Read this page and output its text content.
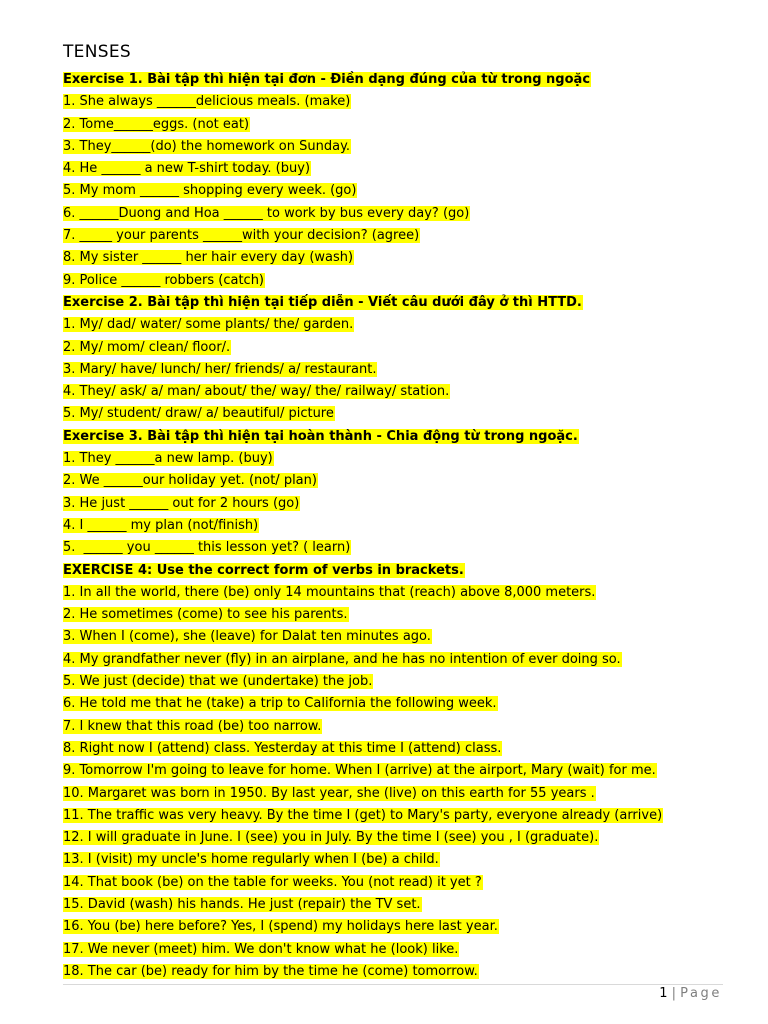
TENSES
Exercise 1. Bài tập thì hiện tại đơn - Điền dạng đúng của từ trong ngoặc
1. She always ______delicious meals. (make)
2. Tome______eggs. (not eat)
3. They______(do) the homework on Sunday.
4. He ______ a new T-shirt today. (buy)
5. My mom ______ shopping every week. (go)
6. ______Duong and Hoa ______ to work by bus every day? (go)
7. _____ your parents ______with your decision? (agree)
8. My sister ______ her hair every day (wash)
9. Police ______ robbers (catch)
Exercise 2. Bài tập thì hiện tại tiếp diễn - Viết câu dưới đây ở thì HTTD.
1. My/ dad/ water/ some plants/ the/ garden.
2. My/ mom/ clean/ floor/.
3. Mary/ have/ lunch/ her/ friends/ a/ restaurant.
4. They/ ask/ a/ man/ about/ the/ way/ the/ railway/ station.
5. My/ student/ draw/ a/ beautiful/ picture
Exercise 3. Bài tập thì hiện tại hoàn thành - Chia động từ trong ngoặc.
1. They ______a new lamp. (buy)
2. We ______our holiday yet. (not/ plan)
3. He just ______ out for 2 hours (go)
4. I ______ my plan (not/finish)
5.  ______ you ______ this lesson yet? ( learn)
EXERCISE 4: Use the correct form of verbs in brackets.
1. In all the world, there (be) only 14 mountains that (reach) above 8,000 meters.
2. He sometimes (come) to see his parents.
3. When I (come), she (leave) for Dalat ten minutes ago.
4. My grandfather never (fly) in an airplane, and he has no intention of ever doing so.
5. We just (decide) that we (undertake) the job.
6. He told me that he (take) a trip to California the following week.
7. I knew that this road (be) too narrow.
8. Right now I (attend) class. Yesterday at this time I (attend) class.
9. Tomorrow I'm going to leave for home. When I (arrive) at the airport, Mary (wait) for me.
10. Margaret was born in 1950. By last year, she (live) on this earth for 55 years .
11. The traffic was very heavy. By the time I (get) to Mary's party, everyone already (arrive)
12. I will graduate in June. I (see) you in July. By the time I (see) you , I (graduate).
13. I (visit) my uncle's home regularly when I (be) a child.
14. That book (be) on the table for weeks. You (not read) it yet ?
15. David (wash) his hands. He just (repair) the TV set.
16. You (be) here before? Yes, I (spend) my holidays here last year.
17. We never (meet) him. We don't know what he (look) like.
18. The car (be) ready for him by the time he (come) tomorrow.
1 | Page
